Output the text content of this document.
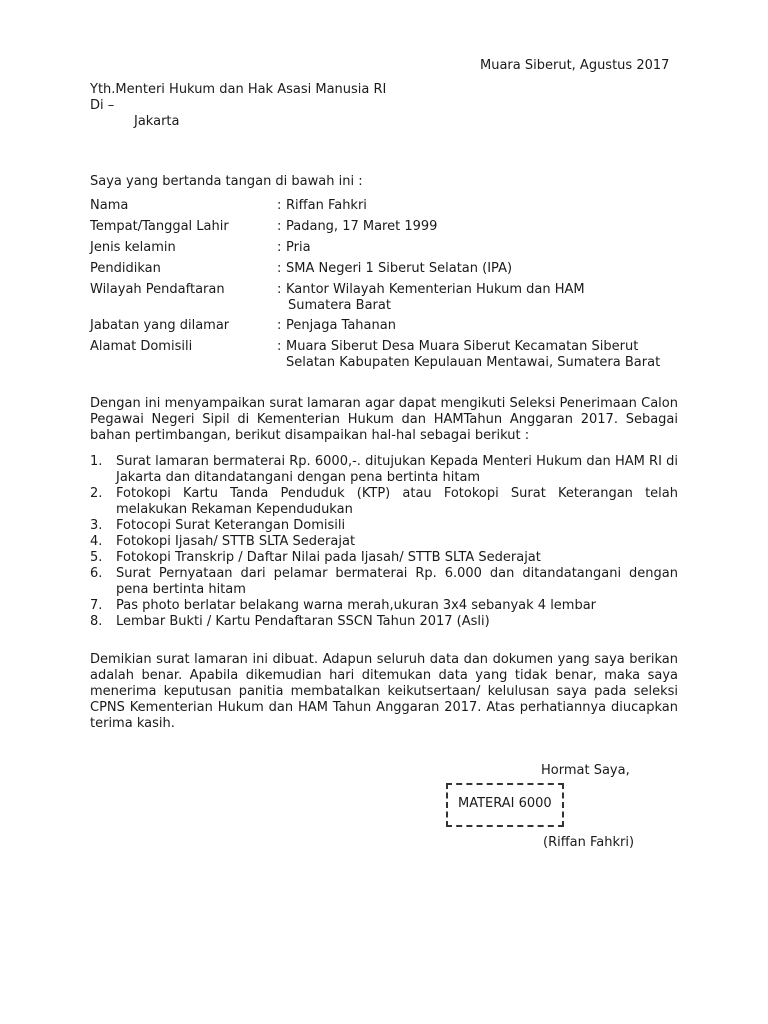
Muara Siberut, Agustus 2017
Yth.Menteri Hukum dan Hak Asasi Manusia RI
Di –
Jakarta
Saya yang bertanda tangan di bawah ini :
Nama	: Riffan Fahkri
Tempat/Tanggal Lahir	: Padang, 17 Maret 1999
Jenis kelamin	: Pria
Pendidikan	: SMA Negeri 1 Siberut Selatan (IPA)
Wilayah Pendaftaran	: Kantor Wilayah Kementerian Hukum dan HAM
Sumatera Barat
Jabatan yang dilamar	: Penjaga Tahanan
Alamat Domisili	: Muara Siberut Desa Muara Siberut Kecamatan Siberut
Selatan Kabupaten Kepulauan Mentawai, Sumatera Barat
Dengan ini menyampaikan surat lamaran agar dapat mengikuti Seleksi Penerimaan Calon Pegawai Negeri Sipil di Kementerian Hukum dan HAMTahun Anggaran 2017. Sebagai bahan pertimbangan, berikut disampaikan hal-hal sebagai berikut :
1. Surat lamaran bermaterai Rp. 6000,-. ditujukan Kepada Menteri Hukum dan HAM RI di Jakarta dan ditandatangani dengan pena bertinta hitam
2. Fotokopi Kartu Tanda Penduduk (KTP) atau Fotokopi Surat Keterangan telah melakukan Rekaman Kependudukan
3. Fotocopi Surat Keterangan Domisili
4. Fotokopi Ijasah/ STTB SLTA Sederajat
5. Fotokopi Transkrip / Daftar Nilai pada Ijasah/ STTB SLTA Sederajat
6. Surat Pernyataan dari pelamar bermaterai Rp. 6.000 dan ditandatangani dengan pena bertinta hitam
7. Pas photo berlatar belakang warna merah,ukuran 3x4 sebanyak 4 lembar
8. Lembar Bukti / Kartu Pendaftaran SSCN Tahun 2017 (Asli)
Demikian surat lamaran ini dibuat. Adapun seluruh data dan dokumen yang saya berikan adalah benar. Apabila dikemudian hari ditemukan data yang tidak benar, maka saya menerima keputusan panitia membatalkan keikutsertaan/ kelulusan saya pada seleksi CPNS Kementerian Hukum dan HAM Tahun Anggaran 2017. Atas perhatiannya diucapkan terima kasih.
Hormat Saya,
MATERAI 6000
(Riffan Fahkri)
